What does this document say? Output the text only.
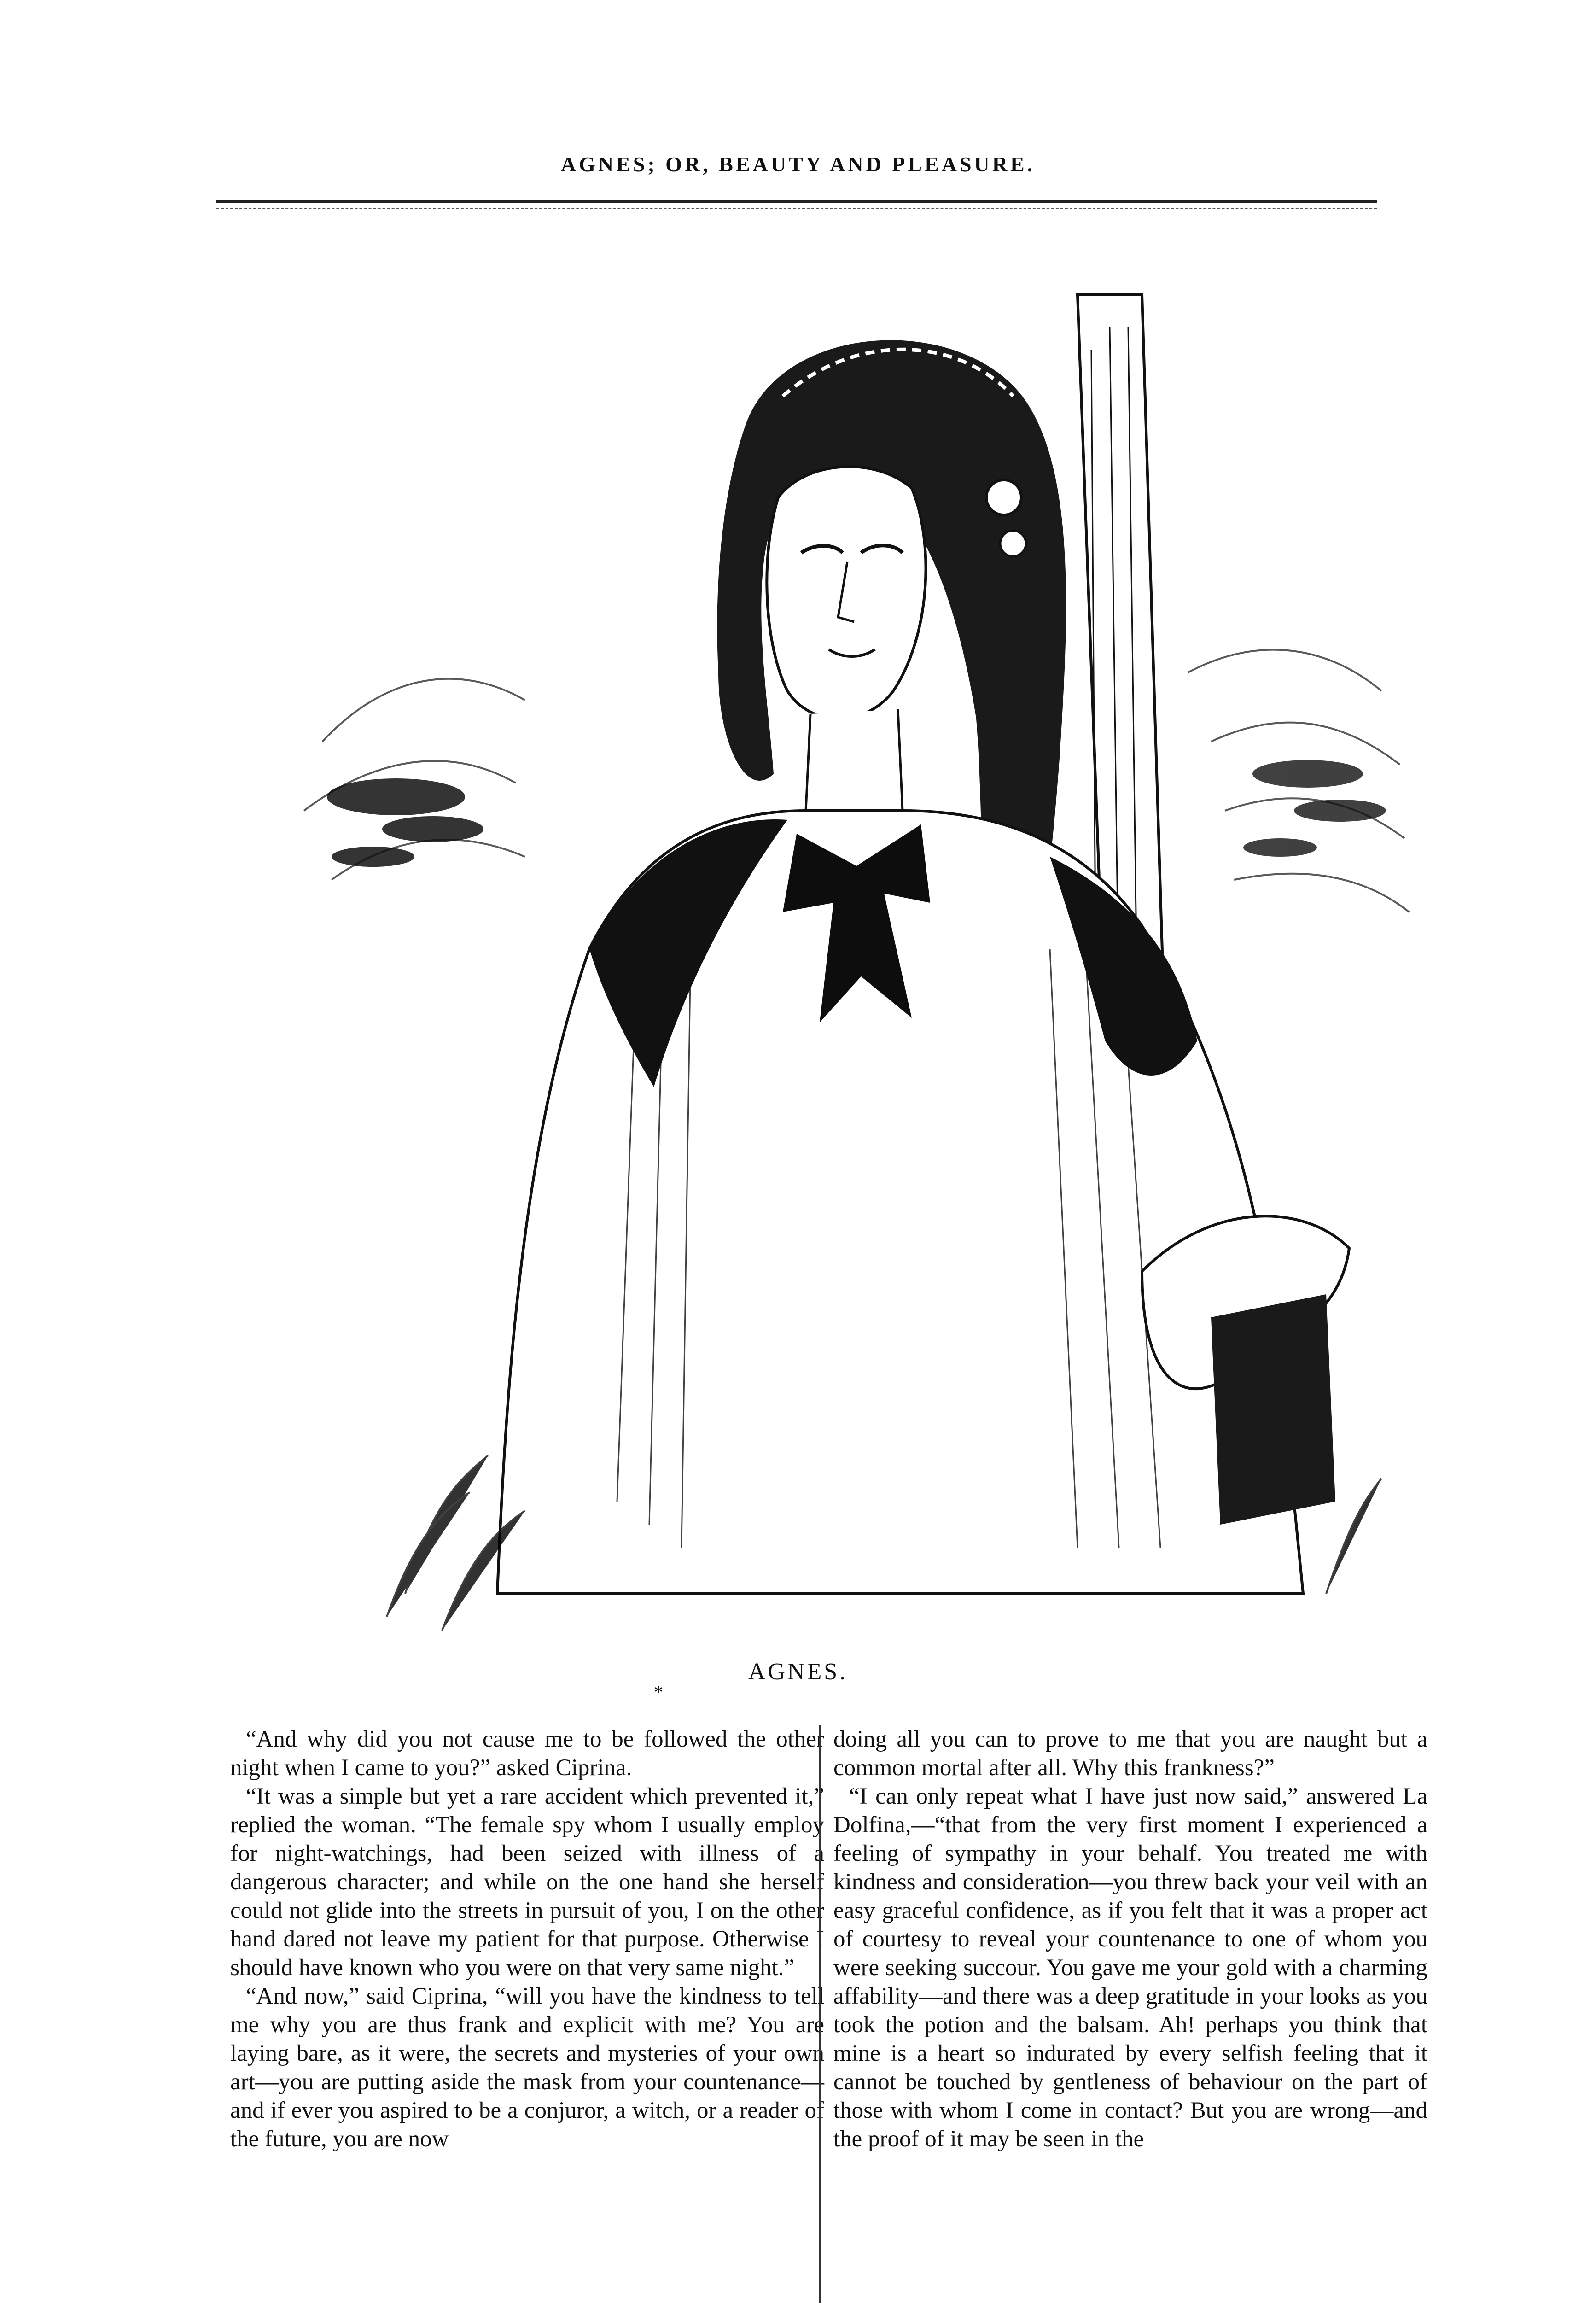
AGNES; OR, BEAUTY AND PLEASURE.
AGNES.
*

“And why did you not cause me to be followed the other night when I came to you?” asked Ciprina.

“It was a simple but yet a rare accident which prevented it,” replied the woman. “The female spy whom I usually employ for night-watchings, had been seized with illness of a dangerous character; and while on the one hand she herself could not glide into the streets in pursuit of you, I on the other hand dared not leave my patient for that purpose. Otherwise I should have known who you were on that very same night.”

“And now,” said Ciprina, “will you have the kindness to tell me why you are thus frank and explicit with me? You are laying bare, as it were, the secrets and mysteries of your own art—you are putting aside the mask from your countenance—and if ever you aspired to be a conjuror, a witch, or a reader of the future, you are now

doing all you can to prove to me that you are naught but a common mortal after all. Why this frankness?”

“I can only repeat what I have just now said,” answered La Dolfina,—“that from the very first moment I experienced a feeling of sympathy in your behalf. You treated me with kindness and consideration—you threw back your veil with an easy graceful confidence, as if you felt that it was a proper act of courtesy to reveal your countenance to one of whom you were seeking succour. You gave me your gold with a charming affability—and there was a deep gratitude in your looks as you took the potion and the balsam. Ah! perhaps you think that mine is a heart so indurated by every selfish feeling that it cannot be touched by gentleness of behaviour on the part of those with whom I come in contact? But you are wrong—and the proof of it may be seen in the
